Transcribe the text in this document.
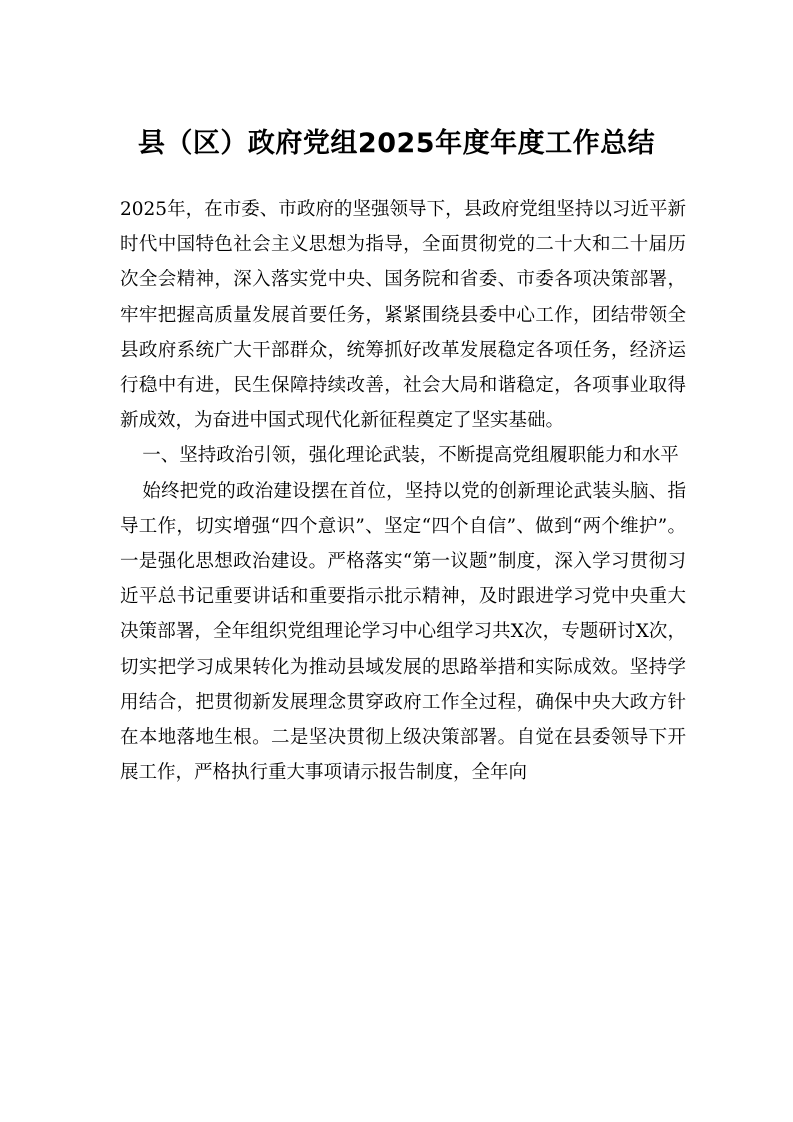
县（区）政府党组2025年度年度工作总结

2025年，在市委、市政府的坚强领导下，县政府党组坚持以习近平新时代中国特色社会主义思想为指导，全面贯彻党的二十大和二十届历次全会精神，深入落实党中央、国务院和省委、市委各项决策部署，牢牢把握高质量发展首要任务，紧紧围绕县委中心工作，团结带领全县政府系统广大干部群众，统筹抓好改革发展稳定各项任务，经济运行稳中有进，民生保障持续改善，社会大局和谐稳定，各项事业取得新成效，为奋进中国式现代化新征程奠定了坚实基础。

一、坚持政治引领，强化理论武装，不断提高党组履职能力和水平

始终把党的政治建设摆在首位，坚持以党的创新理论武装头脑、指导工作，切实增强“四个意识”、坚定“四个自信”、做到“两个维护”。一是强化思想政治建设。严格落实“第一议题”制度，深入学习贯彻习近平总书记重要讲话和重要指示批示精神，及时跟进学习党中央重大决策部署，全年组织党组理论学习中心组学习共X次，专题研讨X次，切实把学习成果转化为推动县域发展的思路举措和实际成效。坚持学用结合，把贯彻新发展理念贯穿政府工作全过程，确保中央大政方针在本地落地生根。二是坚决贯彻上级决策部署。自觉在县委领导下开展工作，严格执行重大事项请示报告制度，全年向
